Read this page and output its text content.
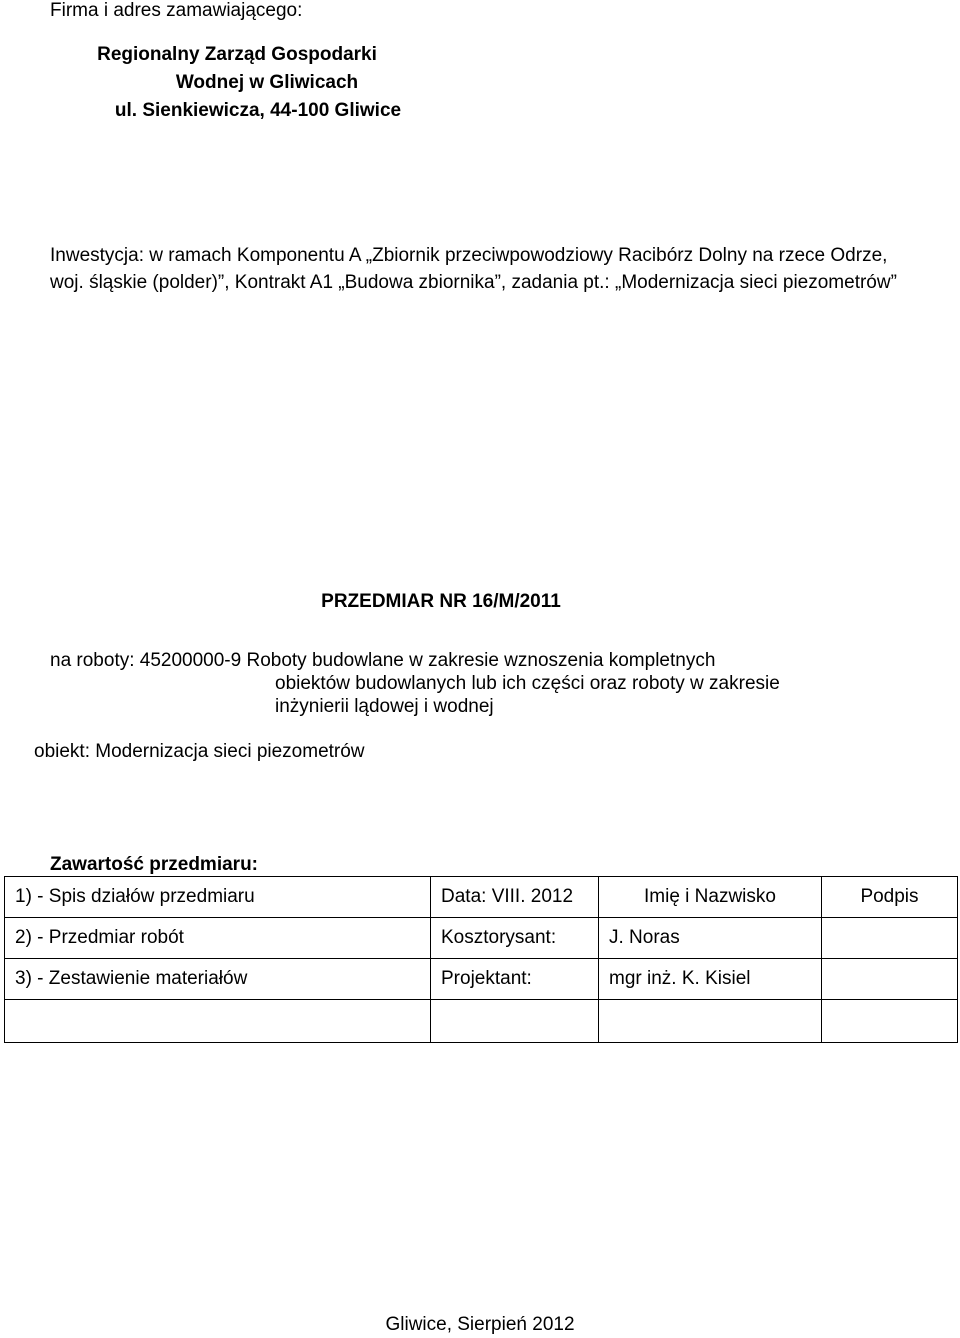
Firma i adres zamawiającego:
Regionalny Zarząd Gospodarki
Wodnej w Gliwicach
ul. Sienkiewicza, 44-100 Gliwice
Inwestycja: w ramach Komponentu A „Zbiornik przeciwpowodziowy Racibórz Dolny na rzece Odrze,
woj. śląskie (polder)”, Kontrakt A1 „Budowa zbiornika”, zadania pt.: „Modernizacja sieci piezometrów”
PRZEDMIAR NR 16/M/2011
na roboty: 45200000-9 Roboty budowlane w zakresie wznoszenia kompletnych
obiektów budowlanych lub ich części oraz roboty w zakresie
inżynierii lądowej i wodnej
obiekt: Modernizacja sieci piezometrów
Zawartość przedmiaru:
1) - Spis działów przedmiaru	Data: VIII. 2012	Imię i Nazwisko	Podpis
2) - Przedmiar robót	Kosztorysant:	J. Noras	
3) - Zestawienie materiałów	Projektant:	mgr inż. K. Kisiel	

Gliwice, Sierpień 2012
